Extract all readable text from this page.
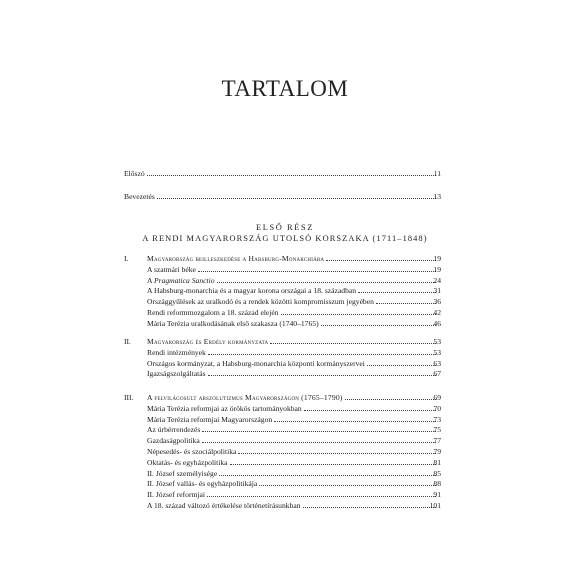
TARTALOM
Előszó	11
Bevezetés	13
ELSŐ RÉSZ
A RENDI MAGYARORSZÁG UTOLSÓ KORSZAKA (1711–1848)
I. Magyarország beilleszkedése a Habsburg-Monarchiába	19
A szatmári béke	19
A Pragmatica Sanctio	24
A Habsburg-monarchia és a magyar korona országai a 18. században	31
Országgyűlések az uralkodó és a rendek közötti kompromisszum jegyében	36
Rendi reformmozgalom a 18. század elején	42
Mária Terézia uralkodásának első szakasza (1740–1765)	46
II. Magyarország és Erdély kormányzata	53
Rendi intézmények	53
Országos kormányzat, a Habsburg-monarchia központi kormányszervei	63
Igazságszolgáltatás	67
III. A felvilágosult abszolutizmus Magyarországon (1765–1790)	69
Mária Terézia reformjai az örökös tartományokban	70
Mária Terézia reformjai Magyarországon	73
Az úrbérrendezés	75
Gazdaságpolitika	77
Népesedés- és szociálpolitika	79
Oktatás- és egyházpolitika	81
II. József személyisége	85
II. József vallás- és egyházpolitikája	88
II. József reformjai	91
A 18. század változó értékelése történetírásunkban	101
